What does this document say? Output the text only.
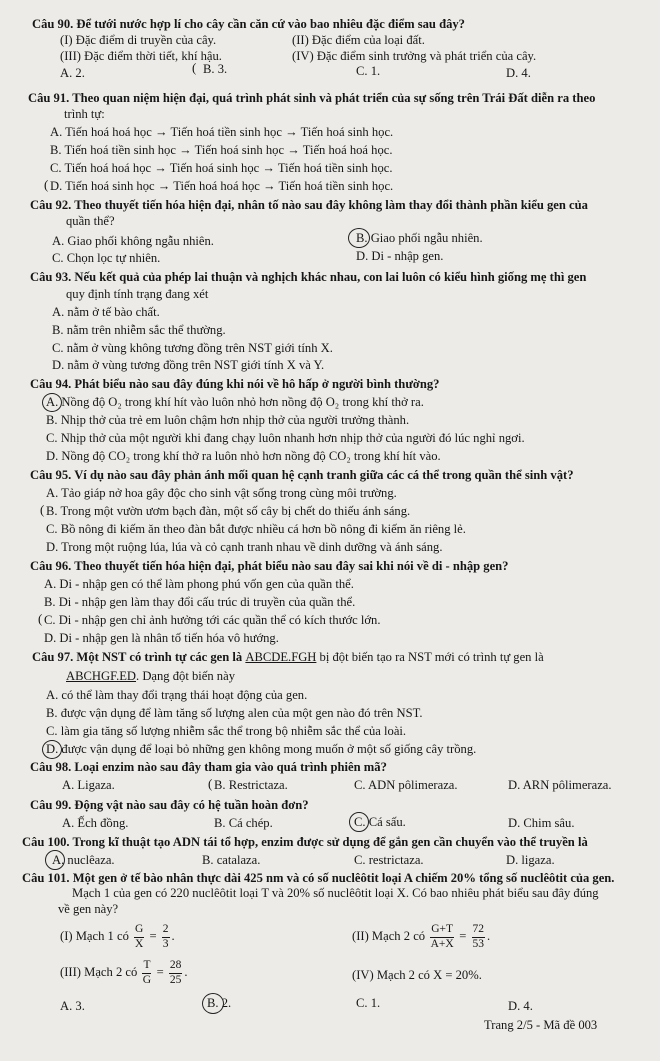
Câu 90. Để tưới nước hợp lí cho cây cần căn cứ vào bao nhiêu đặc điểm sau đây?
(I) Đặc điểm di truyền của cây.	(II) Đặc điểm của loại đất.
(III) Đặc điểm thời tiết, khí hậu.	(IV) Đặc điểm sinh trưởng và phát triển của cây.
A. 2.	B. 3.
(	C. 1.	D. 4.
Câu 91. Theo quan niệm hiện đại, quá trình phát sinh và phát triển của sự sống trên Trái Đất diễn ra theo
trình tự:
A. Tiến hoá hoá học → Tiến hoá tiền sinh học → Tiến hoá sinh học.
B. Tiến hoá tiền sinh học → Tiến hoá sinh học → Tiến hoá hoá học.
C. Tiến hoá hoá học → Tiến hoá sinh học → Tiến hoá tiền sinh học.
D. Tiến hoá sinh học → Tiến hoá hoá học → Tiến hoá tiền sinh học.
(
Câu 92. Theo thuyết tiến hóa hiện đại, nhân tố nào sau đây không làm thay đổi thành phần kiểu gen của
quần thể?
A. Giao phối không ngẫu nhiên.	B. Giao phối ngẫu nhiên.
C. Chọn lọc tự nhiên.	D. Di - nhập gen.
Câu 93. Nếu kết quả của phép lai thuận và nghịch khác nhau, con lai luôn có kiểu hình giống mẹ thì gen
quy định tính trạng đang xét
A. nằm ở tế bào chất.
B. nằm trên nhiễm sắc thể thường.
C. nằm ở vùng không tương đồng trên NST giới tính X.
D. nằm ở vùng tương đồng trên NST giới tính X và Y.
Câu 94. Phát biểu nào sau đây đúng khi nói về hô hấp ở người bình thường?
A. Nồng độ O₂ trong khí hít vào luôn nhỏ hơn nồng độ O₂ trong khí thở ra.
B. Nhịp thở của trẻ em luôn chậm hơn nhịp thở của người trưởng thành.
C. Nhịp thở của một người khi đang chạy luôn nhanh hơn nhịp thở của người đó lúc nghỉ ngơi.
D. Nồng độ CO₂ trong khí thở ra luôn nhỏ hơn nồng độ CO₂ trong khí hít vào.
Câu 95. Ví dụ nào sau đây phản ánh mối quan hệ cạnh tranh giữa các cá thể trong quần thể sinh vật?
A. Tảo giáp nở hoa gây độc cho sinh vật sống trong cùng môi trường.
B. Trong một vườn ươm bạch đàn, một số cây bị chết do thiếu ánh sáng.
(
C. Bồ nông đi kiếm ăn theo đàn bắt được nhiều cá hơn bồ nông đi kiếm ăn riêng lẻ.
D. Trong một ruộng lúa, lúa và cỏ cạnh tranh nhau về dinh dưỡng và ánh sáng.
Câu 96. Theo thuyết tiến hóa hiện đại, phát biểu nào sau đây sai khi nói về di - nhập gen?
A. Di - nhập gen có thể làm phong phú vốn gen của quần thể.
B. Di - nhập gen làm thay đổi cấu trúc di truyền của quần thể.
C. Di - nhập gen chỉ ảnh hưởng tới các quần thể có kích thước lớn.
(
D. Di - nhập gen là nhân tố tiến hóa vô hướng.
Câu 97. Một NST có trình tự các gen là ABCDE.FGH bị đột biến tạo ra NST mới có trình tự gen là
ABCHGF.ED. Dạng đột biến này
A. có thể làm thay đổi trạng thái hoạt động của gen.
B. được vận dụng để làm tăng số lượng alen của một gen nào đó trên NST.
C. làm gia tăng số lượng nhiễm sắc thể trong bộ nhiễm sắc thể của loài.
D. được vận dụng để loại bỏ những gen không mong muốn ở một số giống cây trồng.
Câu 98. Loại enzim nào sau đây tham gia vào quá trình phiên mã?
A. Ligaza.	B. Restrictaza.
(	C. ADN pôlimeraza.	D. ARN pôlimeraza.
Câu 99. Động vật nào sau đây có hệ tuần hoàn đơn?
A. Ếch đồng.	B. Cá chép.	C. Cá sấu.	D. Chim sâu.
Câu 100. Trong kĩ thuật tạo ADN tái tổ hợp, enzim được sử dụng để gắn gen cần chuyển vào thể truyền là
A. nuclêaza.	B. catalaza.	C. restrictaza.	D. ligaza.
Câu 101. Một gen ở tế bào nhân thực dài 425 nm và có số nuclêôtit loại A chiếm 20% tổng số nuclêôtit của gen.
Mạch 1 của gen có 220 nuclêôtit loại T và 20% số nuclêôtit loại X. Có bao nhiêu phát biểu sau đây đúng
về gen này?
(I) Mạch 1 có $\frac{G}{X} = \frac{2}{3}$ .	(II) Mạch 2 có $\frac{G+T}{A+X} = \frac{72}{53}$ .
(III) Mạch 2 có $\frac{T}{G} = \frac{28}{25}$ .	(IV) Mạch 2 có X = 20%.
A. 3.	B. 2.	C. 1.	D. 4.
Trang 2/5 - Mã đề 003
